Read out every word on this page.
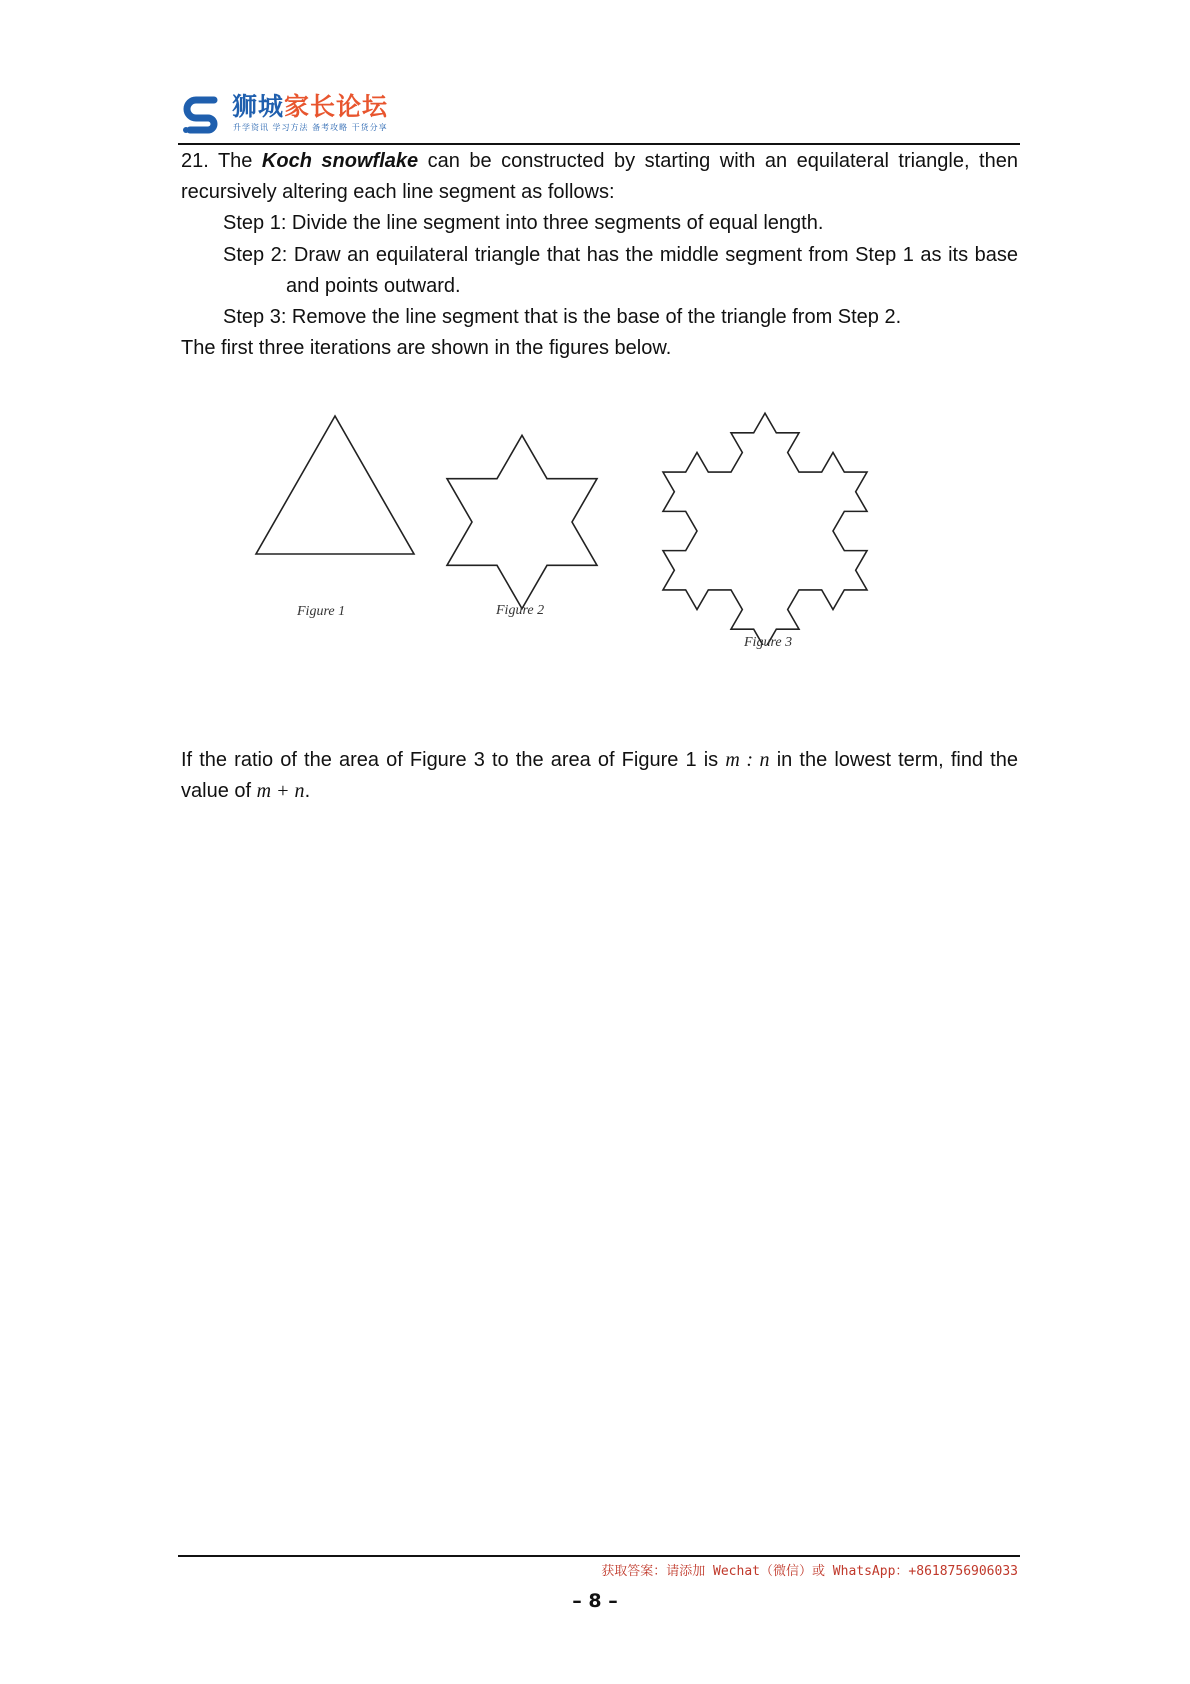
狮城家长论坛
升学资讯 学习方法 备考攻略 干货分享
21. The Koch snowflake can be constructed by starting with an equilateral triangle, then
recursively altering each line segment as follows:
Step 1: Divide the line segment into three segments of equal length.
Step 2: Draw an equilateral triangle that has the middle segment from Step 1 as its base
and points outward.
Step 3: Remove the line segment that is the base of the triangle from Step 2.
The first three iterations are shown in the figures below.
Figure 1	Figure 2
Figure 3
If the ratio of the area of Figure 3 to the area of Figure 1 is m : n in the lowest term, find the
value of m + n.
获取答案：请添加 Wechat（微信）或 WhatsApp：+8618756906033
– 8 –
